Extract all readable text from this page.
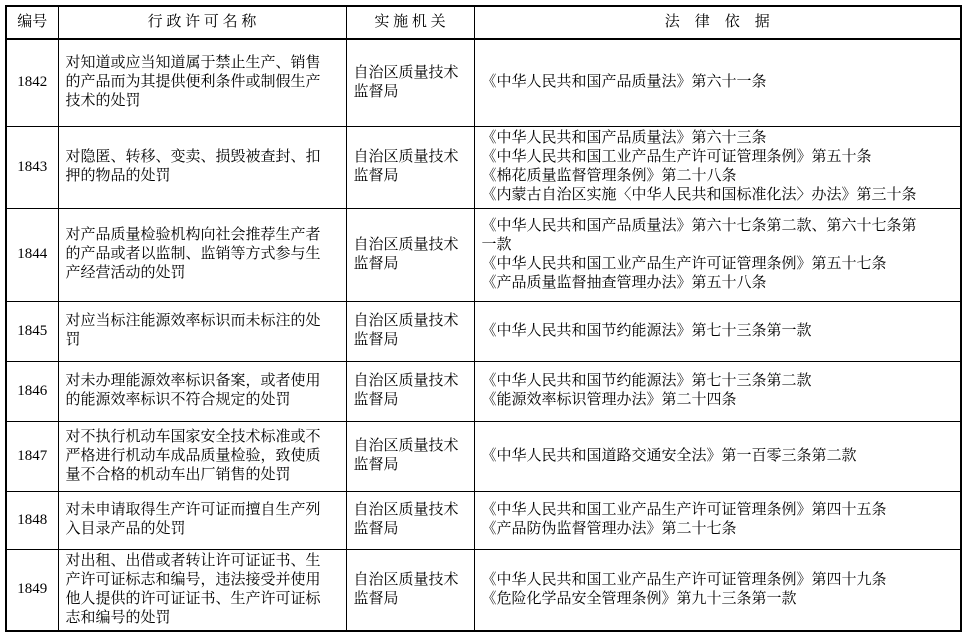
编号	行 政 许 可 名 称	实 施 机 关	法　律　依　据
1842	对知道或应当知道属于禁止生产、销售的产品而为其提供便利条件或制假生产技术的处罚	自治区质量技术监督局	《中华人民共和国产品质量法》第六十一条

1843	对隐匿、转移、变卖、损毁被查封、扣押的物品的处罚	自治区质量技术监督局	《中华人民共和国产品质量法》第六十三条
《中华人民共和国工业产品生产许可证管理条例》第五十条
《棉花质量监督管理条例》第二十八条
《内蒙古自治区实施〈中华人民共和国标准化法〉办法》第三十条

1844	对产品质量检验机构向社会推荐生产者的产品或者以监制、监销等方式参与生产经营活动的处罚	自治区质量技术监督局	《中华人民共和国产品质量法》第六十七条第二款、第六十七条第一款
《中华人民共和国工业产品生产许可证管理条例》第五十七条
《产品质量监督抽查管理办法》第五十八条

1845	对应当标注能源效率标识而未标注的处罚	自治区质量技术监督局	《中华人民共和国节约能源法》第七十三条第一款

1846	对未办理能源效率标识备案，或者使用的能源效率标识不符合规定的处罚	自治区质量技术监督局	《中华人民共和国节约能源法》第七十三条第二款
《能源效率标识管理办法》第二十四条

1847	对不执行机动车国家安全技术标准或不严格进行机动车成品质量检验，致使质量不合格的机动车出厂销售的处罚	自治区质量技术监督局	《中华人民共和国道路交通安全法》第一百零三条第二款

1848	对未申请取得生产许可证而擅自生产列入目录产品的处罚	自治区质量技术监督局	《中华人民共和国工业产品生产许可证管理条例》第四十五条
《产品防伪监督管理办法》第二十七条

1849	对出租、出借或者转让许可证证书、生产许可证标志和编号，违法接受并使用他人提供的许可证证书、生产许可证标志和编号的处罚	自治区质量技术监督局	《中华人民共和国工业产品生产许可证管理条例》第四十九条
《危险化学品安全管理条例》第九十三条第一款
